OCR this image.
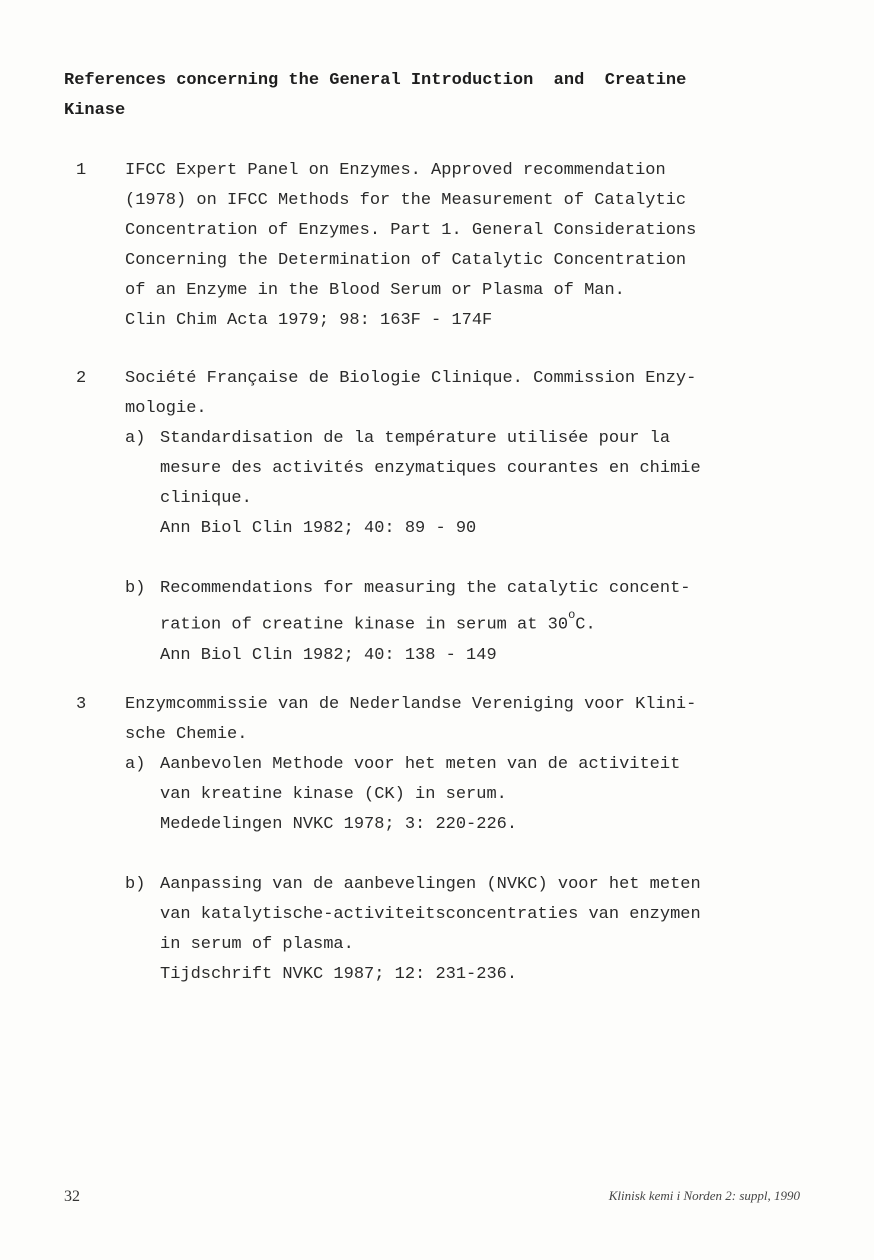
References concerning the General Introduction  and  Creatine
Kinase
1 IFCC Expert Panel on Enzymes. Approved recommendation
(1978) on IFCC Methods for the Measurement of Catalytic
Concentration of Enzymes. Part 1. General Considerations
Concerning the Determination of Catalytic Concentration
of an Enzyme in the Blood Serum or Plasma of Man.
Clin Chim Acta 1979; 98: 163F - 174F
2 Société Française de Biologie Clinique. Commission Enzy-
mologie.
a) Standardisation de la température utilisée pour la
mesure des activités enzymatiques courantes en chimie
clinique.
Ann Biol Clin 1982; 40: 89 - 90
b) Recommendations for measuring the catalytic concent-
ration of creatine kinase in serum at 30$^o$C.
Ann Biol Clin 1982; 40: 138 - 149
3 Enzymcommissie van de Nederlandse Vereniging voor Klini-
sche Chemie.
a) Aanbevolen Methode voor het meten van de activiteit
van kreatine kinase (CK) in serum.
Mededelingen NVKC 1978; 3: 220-226.
b) Aanpassing van de aanbevelingen (NVKC) voor het meten
van katalytische-activiteitsconcentraties van enzymen
in serum of plasma.
Tijdschrift NVKC 1987; 12: 231-236.
32	Klinisk kemi i Norden 2: suppl, 1990
